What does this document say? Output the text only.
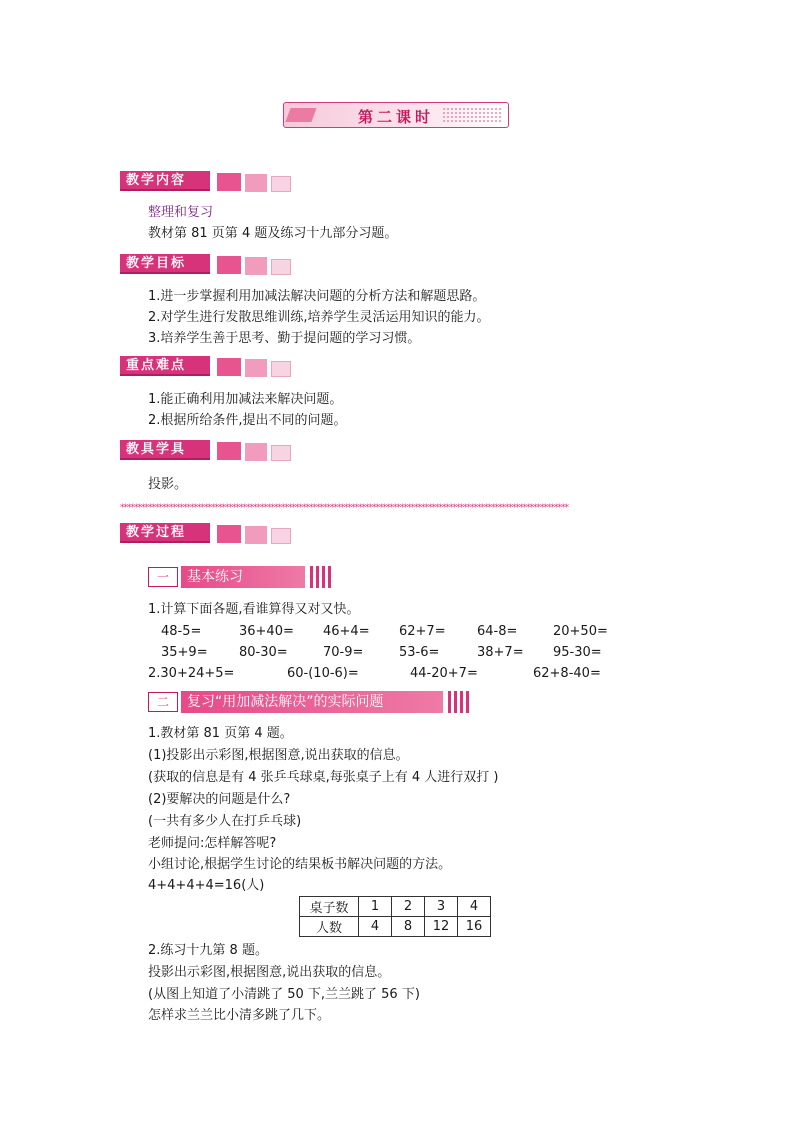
第二课时
教学内容
整理和复习
教材第 81 页第 4 题及练习十九部分习题。
教学目标
1.进一步掌握利用加减法解决问题的分析方法和解题思路。
2.对学生进行发散思维训练,培养学生灵活运用知识的能力。
3.培养学生善于思考、勤于提问题的学习习惯。
重点难点
1.能正确利用加减法来解决问题。
2.根据所给条件,提出不同的问题。
教具学具
投影。
********************************************************************************************************************************
教学过程
一	基本练习
1.计算下面各题,看谁算得又对又快。
48-5=	36+40= 46+4= 62+7= 64-8=	20+50=
35+9= 80-30=	70-9=	53-6=	38+7= 95-30=
2.30+24+5=	60-(10-6)=	44-20+7=	62+8-40=
二	复习“用加减法解决”的实际问题
1.教材第 81 页第 4 题。
(1)投影出示彩图,根据图意,说出获取的信息。
(获取的信息是有 4 张乒乓球桌,每张桌子上有 4 人进行双打 )
(2)要解决的问题是什么?
(一共有多少人在打乒乓球)
老师提问:怎样解答呢?
小组讨论,根据学生讨论的结果板书解决问题的方法。
4+4+4+4=16(人)
桌子数	1	2	3	4
人数	4	8	12	16
2.练习十九第 8 题。
投影出示彩图,根据图意,说出获取的信息。
(从图上知道了小清跳了 50 下,兰兰跳了 56 下)
怎样求兰兰比小清多跳了几下。
